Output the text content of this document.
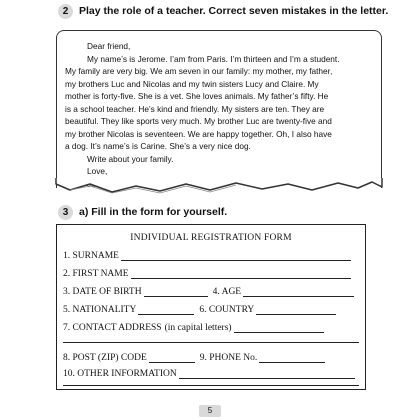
2	Play the role of a teacher. Correct seven mistakes in the letter.

Dear friend,

My name’s is Jerome. I’am from Paris. I’m thirteen and I’m a student.

My family are very big. We am seven in our family: my mother, my father,

my brothers Luc and Nicolas and my twin sisters Lucy and Claire. My

mother is forty-five. She is a vet. She loves animals. My father’s fifty. He

is a school teacher. He’s kind and friendly. My sisters are ten. They are

beautiful. They like sports very much. My brother Luc are twenty-five and

my brother Nicolas is seventeen. We are happy together. Oh, I also have

a dog. It’s name’s is Carine. She’s a very nice dog.

Write about your family.

Love,

3	a) Fill in the form for yourself.
INDIVIDUAL REGISTRATION FORM
1. SURNAME
2. FIRST NAME
3. DATE OF BIRTH	4. AGE
5. NATIONALITY	6. COUNTRY
7. CONTACT ADDRESS (in capital letters)
8. POST (ZIP) CODE	9. PHONE No.
10. OTHER INFORMATION
5
